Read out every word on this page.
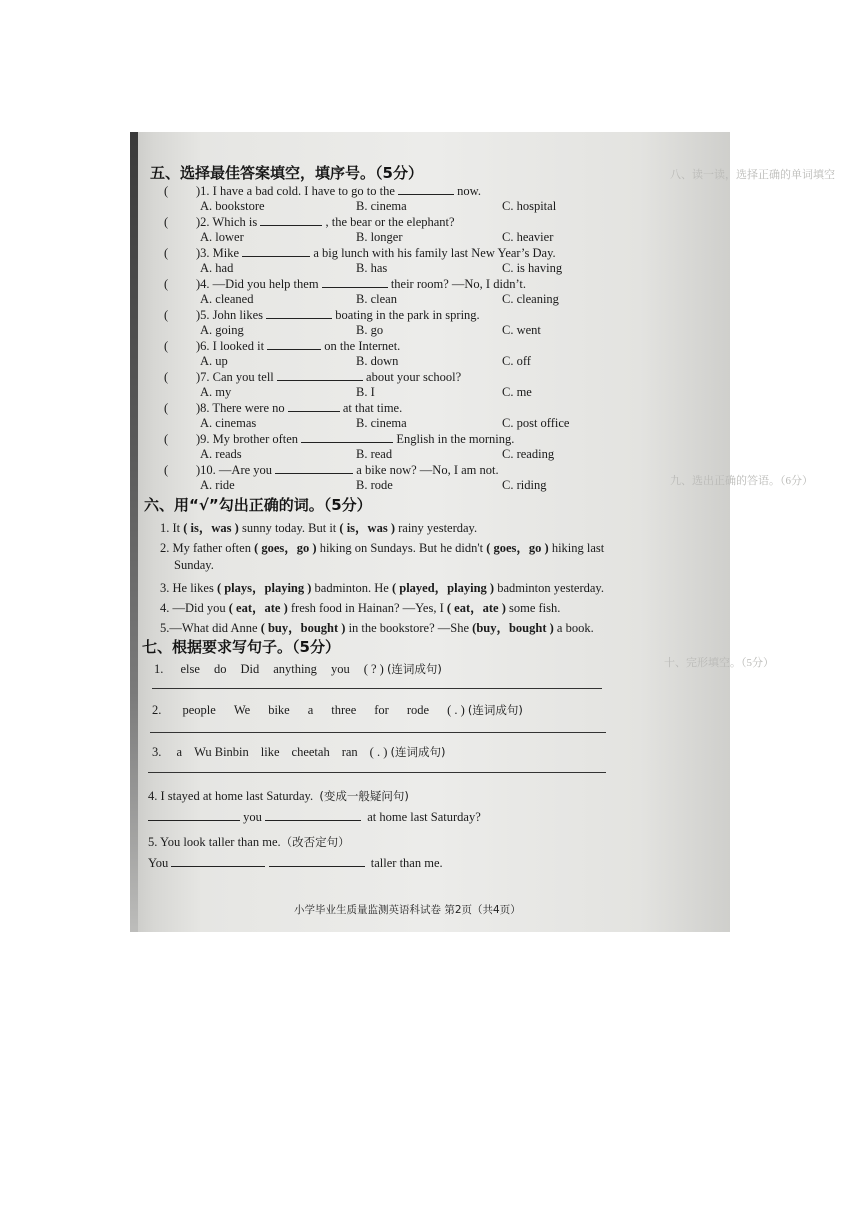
八、读一读，选择正确的单词填空
九、选出正确的答语。（6分）
十、完形填空。（5分）
五、选择最佳答案填空，填序号。（5分）
( )1. I have a bad cold. I have to go to the	now.
A. bookstore	B. cinema	C. hospital
( )2. Which is	, the bear or the elephant?
A. lower	B. longer	C. heavier
( )3. Mike	a big lunch with his family last New Year’s Day.
A. had	B. has	C. is having
( )4. —Did you help them	their room? —No, I didn’t.
A. cleaned	B. clean	C. cleaning
( )5. John likes	boating in the park in spring.
A. going	B. go	C. went
( )6. I looked it	on the Internet.
A. up	B. down	C. off
( )7. Can you tell	about your school?
A. my	B. I	C. me
( )8. There were no	at that time.
A. cinemas	B. cinema	C. post office
( )9. My brother often	English in the morning.
A. reads	B. read	C. reading
( )10. —Are you	a bike now? —No, I am not.
A. ride	B. rode	C. riding
六、用“√”勾出正确的词。（5分）
1. It ( is，was ) sunny today. But it ( is，was ) rainy yesterday.
2. My father often ( goes，go ) hiking on Sundays. But he didn't ( goes，go ) hiking last
3. He likes ( plays，playing ) badminton. He ( played，playing ) badminton yesterday.
4. —Did you ( eat，ate ) fresh food in Hainan? —Yes, I ( eat，ate ) some fish.
5.—What did Anne ( buy，bought ) in the bookstore? —She (buy，bought ) a book.
Sunday.
七、根据要求写句子。（5分）
1. else do Did anything you ( ? ) (连词成句)
2. people We bike a three for rode ( . ) (连词成句)
3. a Wu Binbin like cheetah ran ( . ) (连词成句)
4. I stayed at home last Saturday. (变成一般疑问句)
you	at home last Saturday?
5. You look taller than me.（改否定句）
You	taller than me.
小学毕业生质量监测英语科试卷 第2页（共4页）
